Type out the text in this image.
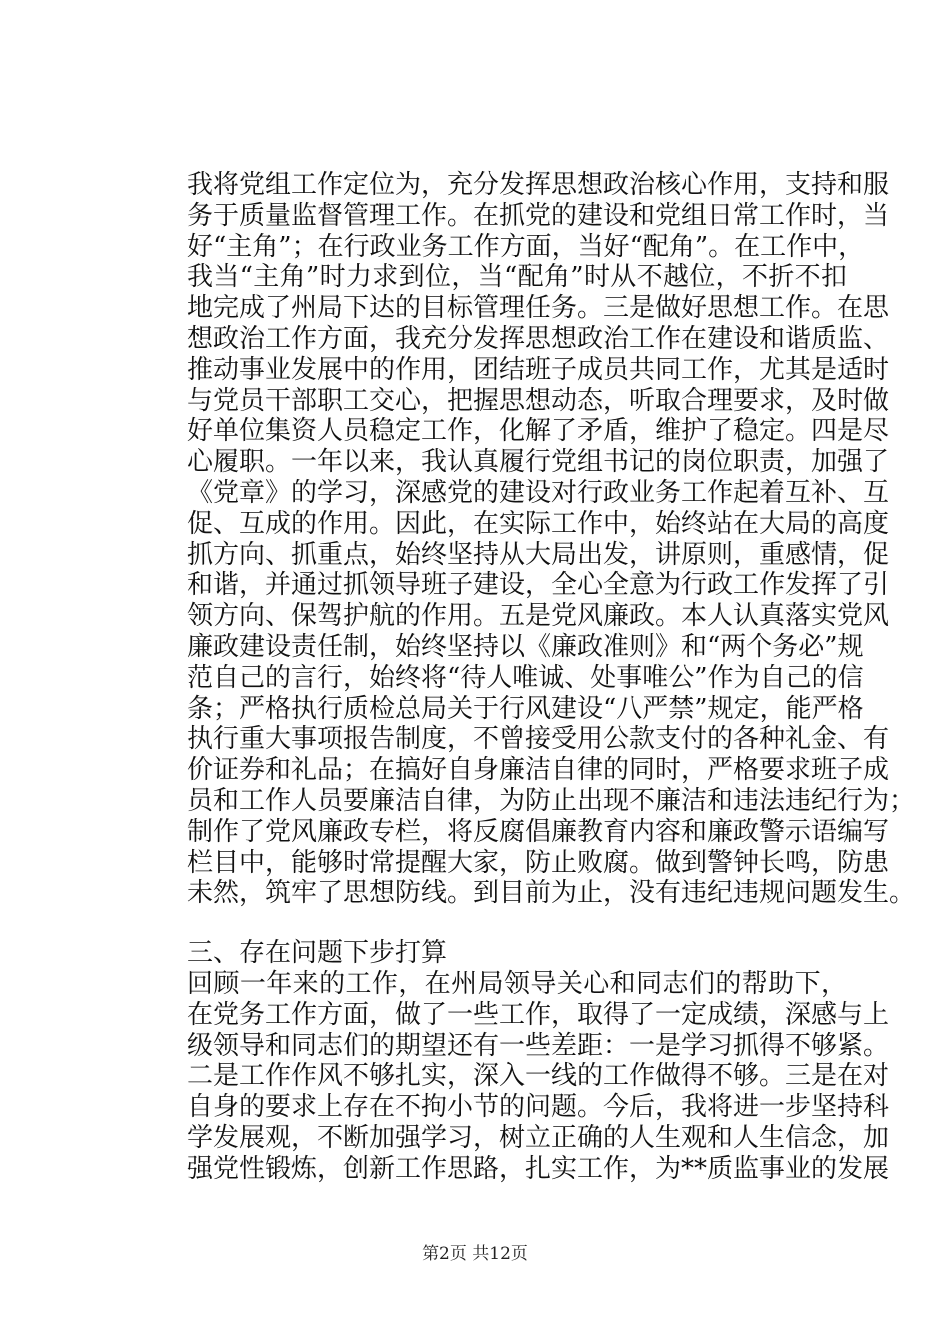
我将党组工作定位为，充分发挥思想政治核心作用，支持和服
务于质量监督管理工作。在抓党的建设和党组日常工作时，当
好“主角”；在行政业务工作方面，当好“配角”。在工作中，
我当“主角”时力求到位，当“配角”时从不越位，不折不扣
地完成了州局下达的目标管理任务。三是做好思想工作。在思
想政治工作方面，我充分发挥思想政治工作在建设和谐质监、
推动事业发展中的作用，团结班子成员共同工作，尤其是适时
与党员干部职工交心，把握思想动态，听取合理要求，及时做
好单位集资人员稳定工作，化解了矛盾，维护了稳定。四是尽
心履职。一年以来，我认真履行党组书记的岗位职责，加强了
《党章》的学习，深感党的建设对行政业务工作起着互补、互
促、互成的作用。因此，在实际工作中，始终站在大局的高度
抓方向、抓重点，始终坚持从大局出发，讲原则，重感情，促
和谐，并通过抓领导班子建设，全心全意为行政工作发挥了引
领方向、保驾护航的作用。五是党风廉政。本人认真落实党风
廉政建设责任制，始终坚持以《廉政准则》和“两个务必”规
范自己的言行，始终将“待人唯诚、处事唯公”作为自己的信
条；严格执行质检总局关于行风建设“八严禁”规定，能严格
执行重大事项报告制度，不曾接受用公款支付的各种礼金、有
价证券和礼品；在搞好自身廉洁自律的同时，严格要求班子成
员和工作人员要廉洁自律，为防止出现不廉洁和违法违纪行为；
制作了党风廉政专栏，将反腐倡廉教育内容和廉政警示语编写
栏目中，能够时常提醒大家，防止败腐。做到警钟长鸣，防患
未然，筑牢了思想防线。到目前为止，没有违纪违规问题发生。
三、存在问题下步打算
回顾一年来的工作，在州局领导关心和同志们的帮助下，
在党务工作方面，做了一些工作，取得了一定成绩，深感与上
级领导和同志们的期望还有一些差距：一是学习抓得不够紧。
二是工作作风不够扎实，深入一线的工作做得不够。三是在对
自身的要求上存在不拘小节的问题。今后，我将进一步坚持科
学发展观，不断加强学习，树立正确的人生观和人生信念，加
强党性锻炼，创新工作思路，扎实工作，为**质监事业的发展
第2页 共12页
